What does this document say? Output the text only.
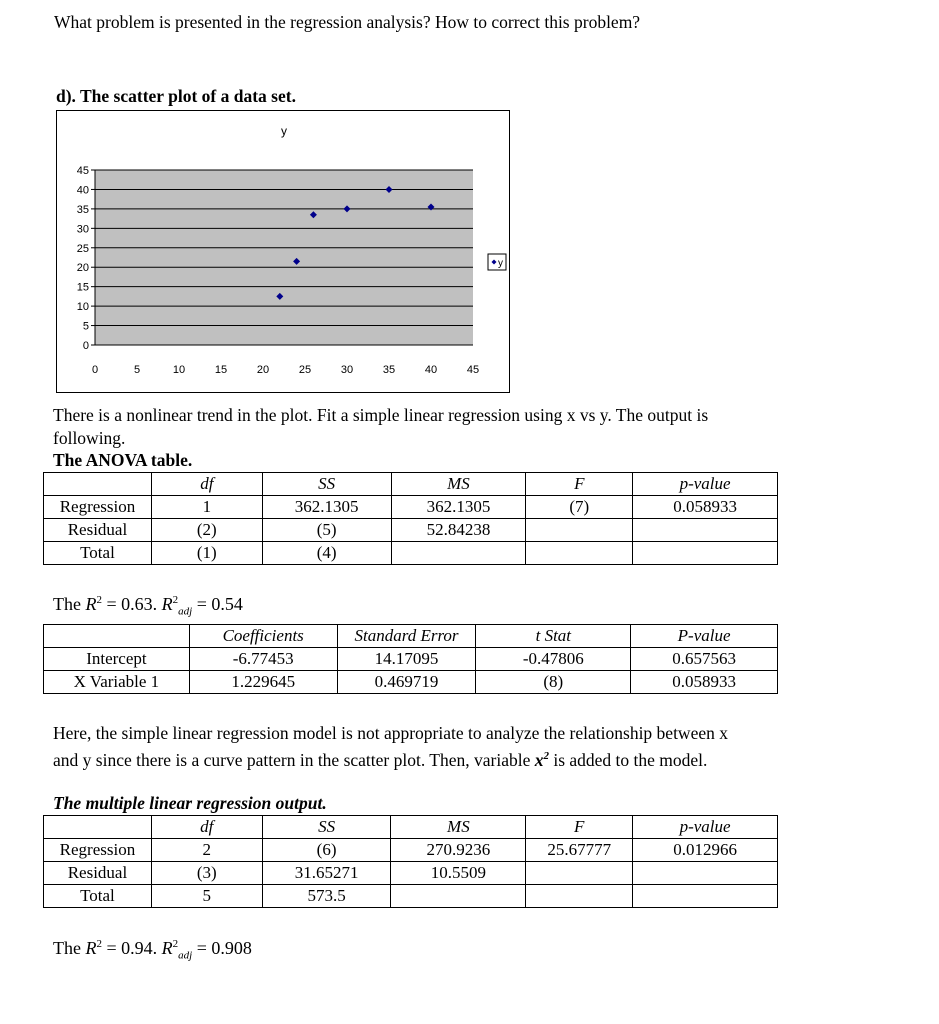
What problem is presented in the regression analysis? How to correct this problem?
d). The scatter plot of a data set.
y
0
5
10
15
20
25
30
35
40
45
0	5	10	15	20	25	30	35	40	45
y
There is a nonlinear trend in the plot. Fit a simple linear regression using x vs y. The output is following.
The ANOVA table.
	df	SS	MS	F	p-value
Regression	1	362.1305	362.1305	(7)	0.058933
Residual	(2)	(5)	52.84238		
Total	(1)	(4)			
The $R^2 = 0.63$. $R^2_{adj} = 0.54$
	Coefficients	Standard Error	t Stat	P-value
Intercept	-6.77453	14.17095	-0.47806	0.657563
X Variable 1	1.229645	0.469719	(8)	0.058933
Here, the simple linear regression model is not appropriate to analyze the relationship between x and y since there is a curve pattern in the scatter plot. Then, variable $x^2$ is added to the model.
The multiple linear regression output.
	df	SS	MS	F	p-value
Regression	2	(6)	270.9236	25.67777	0.012966
Residual	(3)	31.65271	10.5509		
Total	5	573.5			
The $R^2 = 0.94$. $R^2_{adj} = 0.908$
